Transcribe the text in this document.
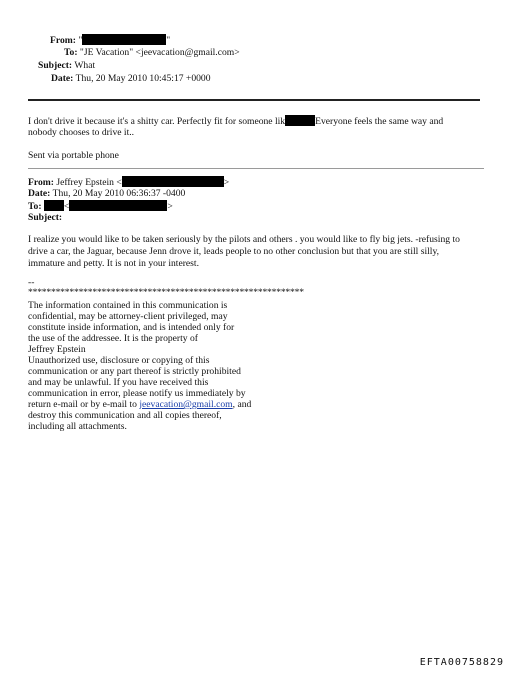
From: "	"
To: "JE Vacation" <jeevacation@gmail.com>
Subject: What
Date: Thu, 20 May 2010 10:45:17 +0000
I don't drive it because it's a shitty car. Perfectly fit for someone lik	Everyone feels the same way and
nobody chooses to drive it..
Sent via portable phone
From: Jeffrey Epstein <	>
Date: Thu, 20 May 2010 06:36:37 -0400
To: <	>
Subject:
I realize you would like to be taken seriously by the pilots and others . you would like to fly big jets. -refusing to
drive a car, the Jaguar, because Jenn drove it, leads people to no other conclusion but that you are still silly,
immature and petty. It is not in your interest.
--
************************************************************
The information contained in this communication is
confidential, may be attorney-client privileged, may
constitute inside information, and is intended only for
the use of the addressee. It is the property of
Jeffrey Epstein
Unauthorized use, disclosure or copying of this
communication or any part thereof is strictly prohibited
and may be unlawful. If you have received this
communication in error, please notify us immediately by
return e-mail or by e-mail to jeevacation@gmail.com, and
destroy this communication and all copies thereof,
including all attachments.
EFTA00758829
